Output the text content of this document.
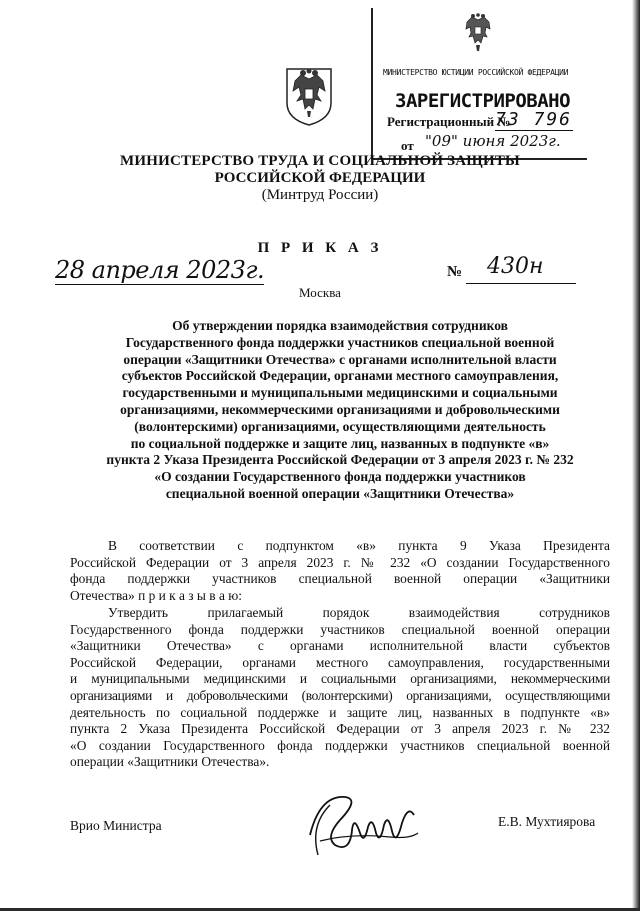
МИНИСТЕРСТВО ЮСТИЦИИ РОССИЙСКОЙ ФЕДЕРАЦИИ
ЗАРЕГИСТРИРОВАНО
Регистрационный №
73 796
от "09" июня 2023г.
МИНИСТЕРСТВО ТРУДА И СОЦИАЛЬНОЙ ЗАЩИТЫ
РОССИЙСКОЙ ФЕДЕРАЦИИ
(Минтруд России)
П Р И К А З
28 апреля 2023г.	№ 430н
Москва
Об утверждении порядка взаимодействия сотрудников
Государственного фонда поддержки участников специальной военной
операции «Защитники Отечества» с органами исполнительной власти
субъектов Российской Федерации, органами местного самоуправления,
государственными и муниципальными медицинскими и социальными
организациями, некоммерческими организациями и добровольческими
(волонтерскими) организациями, осуществляющими деятельность
по социальной поддержке и защите лиц, названных в подпункте «в»
пункта 2 Указа Президента Российской Федерации от 3 апреля 2023 г. № 232
«О создании Государственного фонда поддержки участников
специальной военной операции «Защитники Отечества»
В соответствии с подпунктом «в» пункта 9 Указа Президента
Российской Федерации от 3 апреля 2023 г. № 232 «О создании Государственного
фонда поддержки участников специальной военной операции «Защитники
Отечества» п р и к а з ы в а ю:
Утвердить прилагаемый порядок взаимодействия сотрудников
Государственного фонда поддержки участников специальной военной операции
«Защитники Отечества» с органами исполнительной власти субъектов
Российской Федерации, органами местного самоуправления, государственными
и муниципальными медицинскими и социальными организациями, некоммерческими
организациями и добровольческими (волонтерскими) организациями, осуществляющими
деятельность по социальной поддержке и защите лиц, названных в подпункте «в»
пункта 2 Указа Президента Российской Федерации от 3 апреля 2023 г. № 232
«О создании Государственного фонда поддержки участников специальной военной
операции «Защитники Отечества».
Врио Министра	Е.В. Мухтиярова
